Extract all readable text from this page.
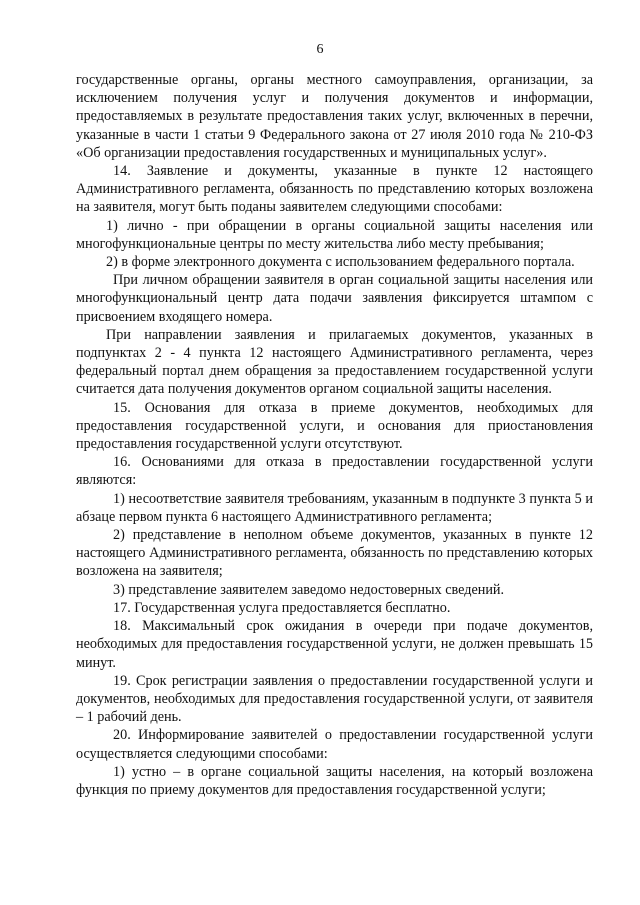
6

государственные органы, органы местного самоуправления, организации, за исключением получения услуг и получения документов и информации, предоставляемых в результате предоставления таких услуг, включенных в перечни, указанные в части 1 статьи 9 Федерального закона от 27 июля 2010 года № 210-ФЗ «Об организации предоставления государственных и муниципальных услуг».

14. Заявление и документы, указанные в пункте 12 настоящего Административного регламента, обязанность по представлению которых возложена на заявителя, могут быть поданы заявителем следующими способами:

1) лично - при обращении в органы социальной защиты населения или многофункциональные центры по месту жительства либо месту пребывания;

2) в форме электронного документа с использованием федерального портала.

При личном обращении заявителя в орган социальной защиты населения или многофункциональный центр дата подачи заявления фиксируется штампом с присвоением входящего номера.

При направлении заявления и прилагаемых документов, указанных в подпунктах 2 - 4 пункта 12 настоящего Административного регламента, через федеральный портал днем обращения за предоставлением государственной услуги считается дата получения документов органом социальной защиты населения.

15. Основания для отказа в приеме документов, необходимых для предоставления государственной услуги, и основания для приостановления предоставления государственной услуги отсутствуют.

16. Основаниями для отказа в предоставлении государственной услуги являются:

1) несоответствие заявителя требованиям, указанным в подпункте 3 пункта 5 и абзаце первом пункта 6 настоящего Административного регламента;

2) представление в неполном объеме документов, указанных в пункте 12 настоящего Административного регламента, обязанность по представлению которых возложена на заявителя;

3) представление заявителем заведомо недостоверных сведений.

17. Государственная услуга предоставляется бесплатно.

18. Максимальный срок ожидания в очереди при подаче документов, необходимых для предоставления государственной услуги, не должен превышать 15 минут.

19. Срок регистрации заявления о предоставлении государственной услуги и документов, необходимых для предоставления государственной услуги, от заявителя – 1 рабочий день.

20. Информирование заявителей о предоставлении государственной услуги осуществляется следующими способами:

1) устно – в органе социальной защиты населения, на который возложена функция по приему документов для предоставления государственной услуги;
